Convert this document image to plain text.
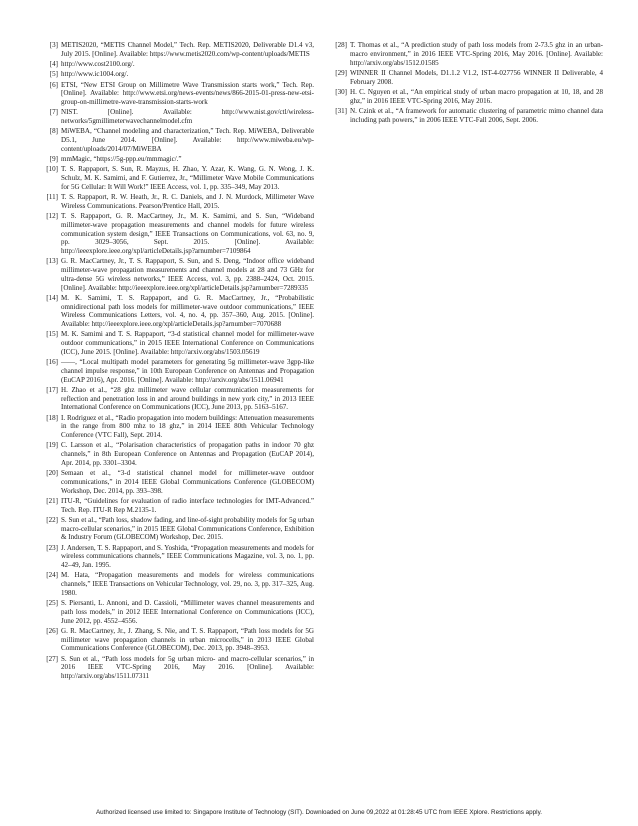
[3] METIS2020, “METIS Channel Model,” Tech. Rep. METIS2020, Deliverable D1.4 v3, July 2015. [Online]. Available: https://www.metis2020.com/wp-content/uploads/METIS
[4] http://www.cost2100.org/.
[5] http://www.ic1004.org/.
[6] ETSI, “New ETSI Group on Millimetre Wave Transmission starts work,” Tech. Rep. [Online]. Available: http://www.etsi.org/news-events/news/866-2015-01-press-new-etsi-group-on-millimetre-wave-transmission-starts-work
[7] NIST. [Online]. Available: http://www.nist.gov/ctl/wireless-networks/5gmillimeterwavechannelmodel.cfm
[8] MiWEBA, “Channel modeling and characterization,” Tech. Rep. MiWEBA, Deliverable D5.1, June 2014. [Online]. Available: http://www.miweba.eu/wp-content/uploads/2014/07/MiWEBA
[9] mmMagic, “https://5g-ppp.eu/mmmagic/.”
[10] T. S. Rappaport, S. Sun, R. Mayzus, H. Zhao, Y. Azar, K. Wang, G. N. Wong, J. K. Schulz, M. K. Samimi, and F. Gutierrez, Jr., “Millimeter Wave Mobile Communications for 5G Cellular: It Will Work!” IEEE Access, vol. 1, pp. 335–349, May 2013.
[11] T. S. Rappaport, R. W. Heath, Jr., R. C. Daniels, and J. N. Murdock, Millimeter Wave Wireless Communications. Pearson/Prentice Hall, 2015.
[12] T. S. Rappaport, G. R. MacCartney, Jr., M. K. Samimi, and S. Sun, “Wideband millimeter-wave propagation measurements and channel models for future wireless communication system design,” IEEE Transactions on Communications, vol. 63, no. 9, pp. 3029–3056, Sept. 2015. [Online]. Available: http://ieeexplore.ieee.org/xpl/articleDetails.jsp?arnumber=7109864
[13] G. R. MacCartney, Jr., T. S. Rappaport, S. Sun, and S. Deng, “Indoor office wideband millimeter-wave propagation measurements and channel models at 28 and 73 GHz for ultra-dense 5G wireless networks,” IEEE Access, vol. 3, pp. 2388–2424, Oct. 2015. [Online]. Available: http://ieeexplore.ieee.org/xpl/articleDetails.jsp?arnumber=7289335
[14] M. K. Samimi, T. S. Rappaport, and G. R. MacCartney, Jr., “Probabilistic omnidirectional path loss models for millimeter-wave outdoor communications,” IEEE Wireless Communications Letters, vol. 4, no. 4, pp. 357–360, Aug. 2015. [Online]. Available: http://ieeexplore.ieee.org/xpl/articleDetails.jsp?arnumber=7070688
[15] M. K. Samimi and T. S. Rappaport, “3-d statistical channel model for millimeter-wave outdoor communications,” in 2015 IEEE International Conference on Communications (ICC), June 2015. [Online]. Available: http://arxiv.org/abs/1503.05619
[16] ——, “Local multipath model parameters for generating 5g millimeter-wave 3gpp-like channel impulse response,” in 10th European Conference on Antennas and Propagation (EuCAP 2016), Apr. 2016. [Online]. Available: http://arxiv.org/abs/1511.06941
[17] H. Zhao et al., “28 ghz millimeter wave cellular communication measurements for reflection and penetration loss in and around buildings in new york city,” in 2013 IEEE International Conference on Communications (ICC), June 2013, pp. 5163–5167.
[18] I. Rodriguez et al., “Radio propagation into modern buildings: Attenuation measurements in the range from 800 mhz to 18 ghz,” in 2014 IEEE 80th Vehicular Technology Conference (VTC Fall), Sept. 2014.
[19] C. Larsson et al., “Polarisation characteristics of propagation paths in indoor 70 ghz channels,” in 8th European Conference on Antennas and Propagation (EuCAP 2014), Apr. 2014, pp. 3301–3304.
[20] Semaan et al., “3-d statistical channel model for millimeter-wave outdoor communications,” in 2014 IEEE Global Communications Conference (GLOBECOM) Workshop, Dec. 2014, pp. 393–398.
[21] ITU-R, “Guidelines for evaluation of radio interface technologies for IMT-Advanced.” Tech. Rep. ITU-R Rep M.2135-1.
[22] S. Sun et al., “Path loss, shadow fading, and line-of-sight probability models for 5g urban macro-cellular scenarios,” in 2015 IEEE Global Communications Conference, Exhibition & Industry Forum (GLOBECOM) Workshop, Dec. 2015.
[23] J. Andersen, T. S. Rappaport, and S. Yoshida, “Propagation measurements and models for wireless communications channels,” IEEE Communications Magazine, vol. 3, no. 1, pp. 42–49, Jan. 1995.
[24] M. Hata, “Propagation measurements and models for wireless communications channels,” IEEE Transactions on Vehicular Technology, vol. 29, no. 3, pp. 317–325, Aug. 1980.
[25] S. Piersanti, L. Annoni, and D. Cassioli, “Millimeter waves channel measurements and path loss models,” in 2012 IEEE International Conference on Communications (ICC), June 2012, pp. 4552–4556.
[26] G. R. MacCartney, Jr., J. Zhang, S. Nie, and T. S. Rappaport, “Path loss models for 5G millimeter wave propagation channels in urban microcells,” in 2013 IEEE Global Communications Conference (GLOBECOM), Dec. 2013, pp. 3948–3953.
[27] S. Sun et al., “Path loss models for 5g urban micro- and macro-cellular scenarios,” in 2016 IEEE VTC-Spring 2016, May 2016. [Online]. Available: http://arxiv.org/abs/1511.07311
[28] T. Thomas et al., “A prediction study of path loss models from 2-73.5 ghz in an urban-macro environment,” in 2016 IEEE VTC-Spring 2016, May 2016. [Online]. Available: http://arxiv.org/abs/1512.01585
[29] WINNER II Channel Models, D1.1.2 V1.2, IST-4-027756 WINNER II Deliverable, 4 February 2008.
[30] H. C. Nguyen et al., “An empirical study of urban macro propagation at 10, 18, and 28 ghz,” in 2016 IEEE VTC-Spring 2016, May 2016.
[31] N. Czink et al., “A framework for automatic clustering of parametric mimo channel data including path powers,” in 2006 IEEE VTC-Fall 2006, Sept. 2006.
Authorized licensed use limited to: Singapore Institute of Technology (SIT). Downloaded on June 09,2022 at 01:28:45 UTC from IEEE Xplore. Restrictions apply.
